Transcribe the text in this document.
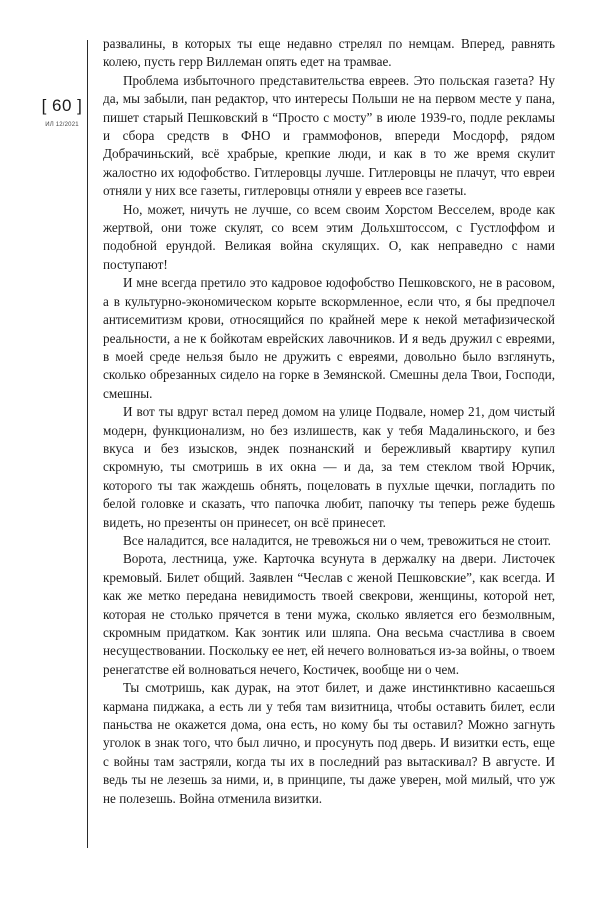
[ 60 ]
ИЛ 12/2021

развалины, в которых ты еще недавно стрелял по немцам. Вперед, равнять колею, пусть герр Виллеман опять едет на трамвае.

Проблема избыточного представительства евреев. Это польская газета? Ну да, мы забыли, пан редактор, что интересы Польши не на первом месте у пана, пишет старый Пешковский в “Просто с мосту” в июле 1939-го, подле рекламы и сбора средств в ФНО и граммофонов, впереди Мосдорф, рядом Добрачиньский, всё храбрые, крепкие люди, и как в то же время скулит жалостно их юдофобство. Гитлеровцы лучше. Гитлеровцы не плачут, что евреи отняли у них все газеты, гитлеровцы отняли у евреев все газеты.

Но, может, ничуть не лучше, со всем своим Хорстом Весселем, вроде как жертвой, они тоже скулят, со всем этим Дольхштоссом, с Густлоффом и подобной ерундой. Великая война скулящих. О, как неправедно с нами поступают!

И мне всегда претило это кадровое юдофобство Пешковского, не в расовом, а в культурно-экономическом корыте вскормленное, если что, я бы предпочел антисемитизм крови, относящийся по крайней мере к некой метафизической реальности, а не к бойкотам еврейских лавочников. И я ведь дружил с евреями, в моей среде нельзя было не дружить с евреями, довольно было взглянуть, сколько обрезанных сидело на горке в Земянской. Смешны дела Твои, Господи, смешны.

И вот ты вдруг встал перед домом на улице Подвале, номер 21, дом чистый модерн, функционализм, но без излишеств, как у тебя Мадалиньского, и без вкуса и без изысков, эндек познанский и бережливый квартиру купил скромную, ты смотришь в их окна — и да, за тем стеклом твой Юрчик, которого ты так жаждешь обнять, поцеловать в пухлые щечки, погладить по белой головке и сказать, что папочка любит, папочку ты теперь реже будешь видеть, но презенты он принесет, он всё принесет.

Все наладится, все наладится, не тревожься ни о чем, тревожиться не стоит.

Ворота, лестница, уже. Карточка всунута в держалку на двери. Листочек кремовый. Билет общий. Заявлен “Чеслав с женой Пешковские”, как всегда. И как же метко передана невидимость твоей свекрови, женщины, которой нет, которая не столько прячется в тени мужа, сколько является его безмолвным, скромным придатком. Как зонтик или шляпа. Она весьма счастлива в своем несуществовании. Поскольку ее нет, ей нечего волноваться из-за войны, о твоем ренегатстве ей волноваться нечего, Костичек, вообще ни о чем.

Ты смотришь, как дурак, на этот билет, и даже инстинктивно касаешься кармана пиджака, а есть ли у тебя там визитница, чтобы оставить билет, если паньства не окажется дома, она есть, но кому бы ты оставил? Можно загнуть уголок в знак того, что был лично, и просунуть под дверь. И визитки есть, еще с войны там застряли, когда ты их в последний раз вытаскивал? В августе. И ведь ты не лезешь за ними, и, в принципе, ты даже уверен, мой милый, что уж не полезешь. Война отменила визитки.
